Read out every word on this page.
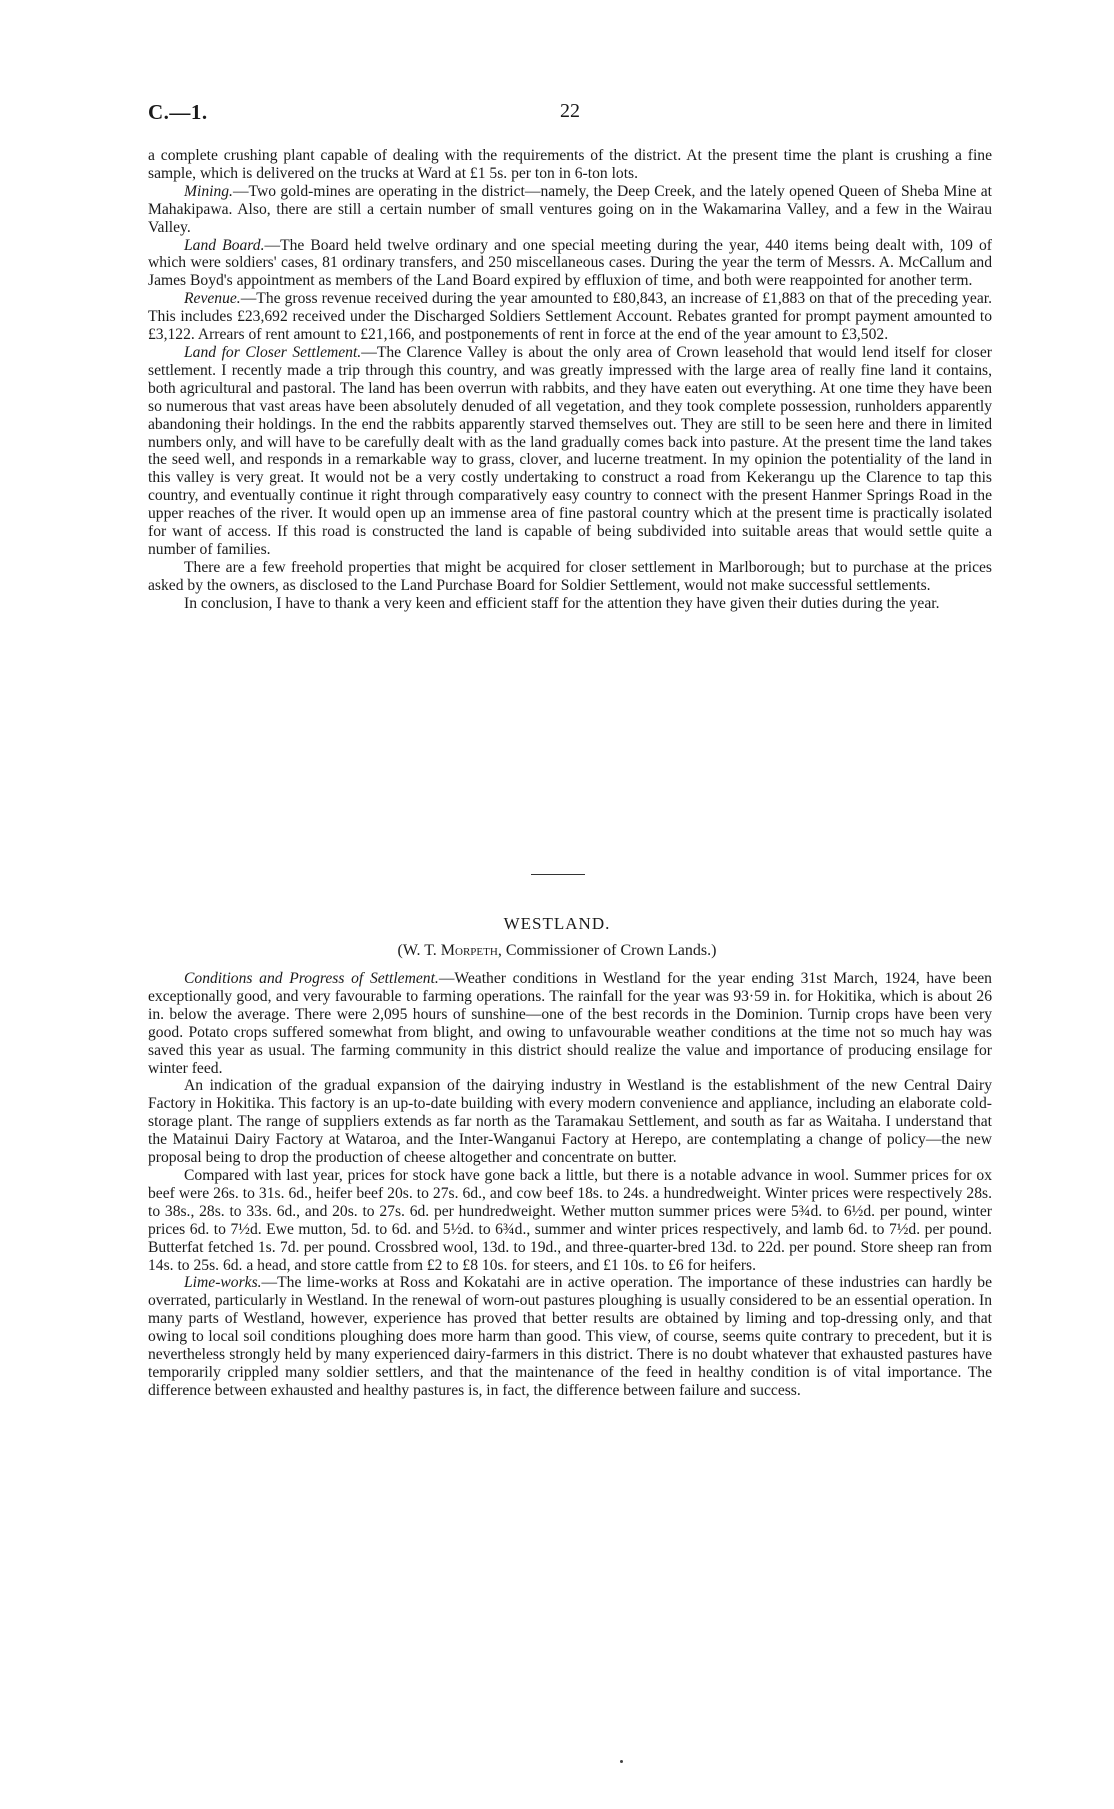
C.—1.	22

a complete crushing plant capable of dealing with the requirements of the district. At the present time the plant is crushing a fine sample, which is delivered on the trucks at Ward at £1 5s. per ton in 6-ton lots.

Mining.—Two gold-mines are operating in the district—namely, the Deep Creek, and the lately opened Queen of Sheba Mine at Mahakipawa. Also, there are still a certain number of small ventures going on in the Wakamarina Valley, and a few in the Wairau Valley.

Land Board.—The Board held twelve ordinary and one special meeting during the year, 440 items being dealt with, 109 of which were soldiers' cases, 81 ordinary transfers, and 250 miscellaneous cases. During the year the term of Messrs. A. McCallum and James Boyd's appointment as members of the Land Board expired by effluxion of time, and both were reappointed for another term.

Revenue.—The gross revenue received during the year amounted to £80,843, an increase of £1,883 on that of the preceding year. This includes £23,692 received under the Discharged Soldiers Settlement Account. Rebates granted for prompt payment amounted to £3,122. Arrears of rent amount to £21,166, and postponements of rent in force at the end of the year amount to £3,502.

Land for Closer Settlement.—The Clarence Valley is about the only area of Crown leasehold that would lend itself for closer settlement. I recently made a trip through this country, and was greatly impressed with the large area of really fine land it contains, both agricultural and pastoral. The land has been overrun with rabbits, and they have eaten out everything. At one time they have been so numerous that vast areas have been absolutely denuded of all vegetation, and they took complete possession, runholders apparently abandoning their holdings. In the end the rabbits apparently starved themselves out. They are still to be seen here and there in limited numbers only, and will have to be carefully dealt with as the land gradually comes back into pasture. At the present time the land takes the seed well, and responds in a remarkable way to grass, clover, and lucerne treatment. In my opinion the potentiality of the land in this valley is very great. It would not be a very costly undertaking to construct a road from Kekerangu up the Clarence to tap this country, and eventually continue it right through comparatively easy country to connect with the present Hanmer Springs Road in the upper reaches of the river. It would open up an immense area of fine pastoral country which at the present time is practically isolated for want of access. If this road is constructed the land is capable of being subdivided into suitable areas that would settle quite a number of families.

There are a few freehold properties that might be acquired for closer settlement in Marlborough; but to purchase at the prices asked by the owners, as disclosed to the Land Purchase Board for Soldier Settlement, would not make successful settlements.

In conclusion, I have to thank a very keen and efficient staff for the attention they have given their duties during the year.

WESTLAND.
(W. T. Morpeth, Commissioner of Crown Lands.)

Conditions and Progress of Settlement.—Weather conditions in Westland for the year ending 31st March, 1924, have been exceptionally good, and very favourable to farming operations. The rainfall for the year was 93·59 in. for Hokitika, which is about 26 in. below the average. There were 2,095 hours of sunshine—one of the best records in the Dominion. Turnip crops have been very good. Potato crops suffered somewhat from blight, and owing to unfavourable weather conditions at the time not so much hay was saved this year as usual. The farming community in this district should realize the value and importance of producing ensilage for winter feed.

An indication of the gradual expansion of the dairying industry in Westland is the establishment of the new Central Dairy Factory in Hokitika. This factory is an up-to-date building with every modern convenience and appliance, including an elaborate cold-storage plant. The range of suppliers extends as far north as the Taramakau Settlement, and south as far as Waitaha. I understand that the Matainui Dairy Factory at Wataroa, and the Inter-Wanganui Factory at Herepo, are contemplating a change of policy—the new proposal being to drop the production of cheese altogether and concentrate on butter.

Compared with last year, prices for stock have gone back a little, but there is a notable advance in wool. Summer prices for ox beef were 26s. to 31s. 6d., heifer beef 20s. to 27s. 6d., and cow beef 18s. to 24s. a hundredweight. Winter prices were respectively 28s. to 38s., 28s. to 33s. 6d., and 20s. to 27s. 6d. per hundredweight. Wether mutton summer prices were 5¾d. to 6½d. per pound, winter prices 6d. to 7½d. Ewe mutton, 5d. to 6d. and 5½d. to 6¾d., summer and winter prices respectively, and lamb 6d. to 7½d. per pound. Butterfat fetched 1s. 7d. per pound. Crossbred wool, 13d. to 19d., and three-quarter-bred 13d. to 22d. per pound. Store sheep ran from 14s. to 25s. 6d. a head, and store cattle from £2 to £8 10s. for steers, and £1 10s. to £6 for heifers.

Lime-works.—The lime-works at Ross and Kokatahi are in active operation. The importance of these industries can hardly be overrated, particularly in Westland. In the renewal of worn-out pastures ploughing is usually considered to be an essential operation. In many parts of Westland, however, experience has proved that better results are obtained by liming and top-dressing only, and that owing to local soil conditions ploughing does more harm than good. This view, of course, seems quite contrary to precedent, but it is nevertheless strongly held by many experienced dairy-farmers in this district. There is no doubt whatever that exhausted pastures have temporarily crippled many soldier settlers, and that the maintenance of the feed in healthy condition is of vital importance. The difference between exhausted and healthy pastures is, in fact, the difference between failure and success.
